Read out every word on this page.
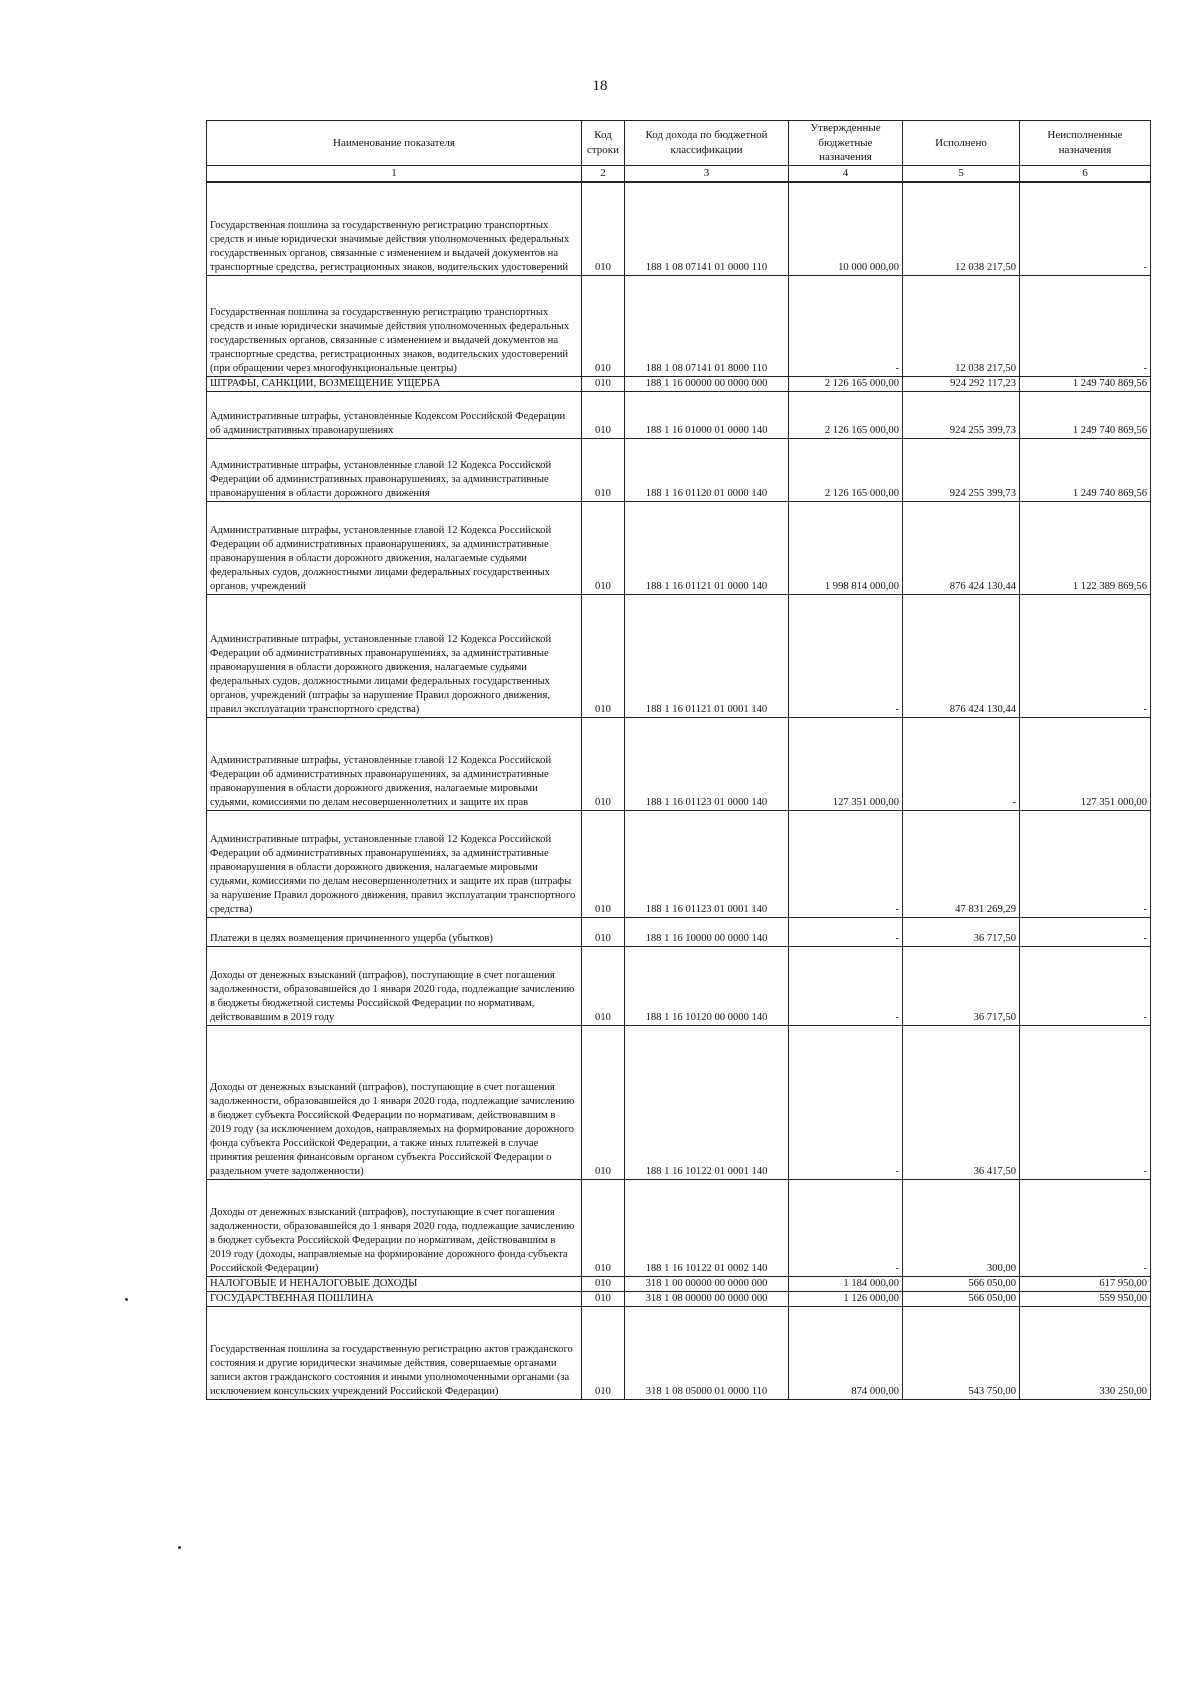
18
Наименование показателя	Код строки	Код дохода по бюджетной классификации	Утвержденные бюджетные назначения	Исполнено	Неисполненные назначения
1	2	3	4	5	6
Государственная пошлина за государственную регистрацию транспортных средств и иные юридически значимые действия уполномоченных федеральных государственных органов, связанные с изменением и выдачей документов на транспортные средства, регистрационных знаков, водительских удостоверений	010	188 1 08 07141 01 0000 110	10 000 000,00	12 038 217,50	-
Государственная пошлина за государственную регистрацию транспортных средств и иные юридически значимые действия уполномоченных федеральных государственных органов, связанные с изменением и выдачей документов на транспортные средства, регистрационных знаков, водительских удостоверений (при обращении через многофункциональные центры)	010	188 1 08 07141 01 8000 110	-	12 038 217,50	-
ШТРАФЫ, САНКЦИИ, ВОЗМЕЩЕНИЕ УЩЕРБА	010	188 1 16 00000 00 0000 000	2 126 165 000,00	924 292 117,23	1 249 740 869,56
Административные штрафы, установленные Кодексом Российской Федерации об административных правонарушениях	010	188 1 16 01000 01 0000 140	2 126 165 000,00	924 255 399,73	1 249 740 869,56
Административные штрафы, установленные главой 12 Кодекса Российской Федерации об административных правонарушениях, за административные правонарушения в области дорожного движения	010	188 1 16 01120 01 0000 140	2 126 165 000,00	924 255 399,73	1 249 740 869,56
Административные штрафы, установленные главой 12 Кодекса Российской Федерации об административных правонарушениях, за административные правонарушения в области дорожного движения, налагаемые судьями федеральных судов, должностными лицами федеральных государственных органов, учреждений	010	188 1 16 01121 01 0000 140	1 998 814 000,00	876 424 130,44	1 122 389 869,56
Административные штрафы, установленные главой 12 Кодекса Российской Федерации об административных правонарушениях, за административные правонарушения в области дорожного движения, налагаемые судьями федеральных судов, должностными лицами федеральных государственных органов, учреждений (штрафы за нарушение Правил дорожного движения, правил эксплуатации транспортного средства)	010	188 1 16 01121 01 0001 140	-	876 424 130,44	-
Административные штрафы, установленные главой 12 Кодекса Российской Федерации об административных правонарушениях, за административные правонарушения в области дорожного движения, налагаемые мировыми судьями, комиссиями по делам несовершеннолетних и защите их прав	010	188 1 16 01123 01 0000 140	127 351 000,00	-	127 351 000,00
Административные штрафы, установленные главой 12 Кодекса Российской Федерации об административных правонарушениях, за административные правонарушения в области дорожного движения, налагаемые мировыми судьями, комиссиями по делам несовершеннолетних и защите их прав (штрафы за нарушение Правил дорожного движения, правил эксплуатации транспортного средства)	010	188 1 16 01123 01 0001 140	-	47 831 269,29	-
Платежи в целях возмещения причиненного ущерба (убытков)	010	188 1 16 10000 00 0000 140	-	36 717,50	-
Доходы от денежных взысканий (штрафов), поступающие в счет погашения задолженности, образовавшейся до 1 января 2020 года, подлежащие зачислению в бюджеты бюджетной системы Российской Федерации по нормативам, действовавшим в 2019 году	010	188 1 16 10120 00 0000 140	-	36 717,50	-
Доходы от денежных взысканий (штрафов), поступающие в счет погашения задолженности, образовавшейся до 1 января 2020 года, подлежащие зачислению в бюджет субъекта Российской Федерации по нормативам, действовавшим в 2019 году (за исключением доходов, направляемых на формирование дорожного фонда субъекта Российской Федерации, а также иных платежей в случае принятия решения финансовым органом субъекта Российской Федерации о раздельном учете задолженности)	010	188 1 16 10122 01 0001 140	-	36 417,50	-
Доходы от денежных взысканий (штрафов), поступающие в счет погашения задолженности, образовавшейся до 1 января 2020 года, подлежащие зачислению в бюджет субъекта Российской Федерации по нормативам, действовавшим в 2019 году (доходы, направляемые на формирование дорожного фонда субъекта Российской Федерации)	010	188 1 16 10122 01 0002 140	-	300,00	-
НАЛОГОВЫЕ И НЕНАЛОГОВЫЕ ДОХОДЫ	010	318 1 00 00000 00 0000 000	1 184 000,00	566 050,00	617 950,00
ГОСУДАРСТВЕННАЯ ПОШЛИНА	010	318 1 08 00000 00 0000 000	1 126 000,00	566 050,00	559 950,00
Государственная пошлина за государственную регистрацию актов гражданского состояния и другие юридически значимые действия, совершаемые органами записи актов гражданского состояния и иными уполномоченными органами (за исключением консульских учреждений Российской Федерации)	010	318 1 08 05000 01 0000 110	874 000,00	543 750,00	330 250,00
